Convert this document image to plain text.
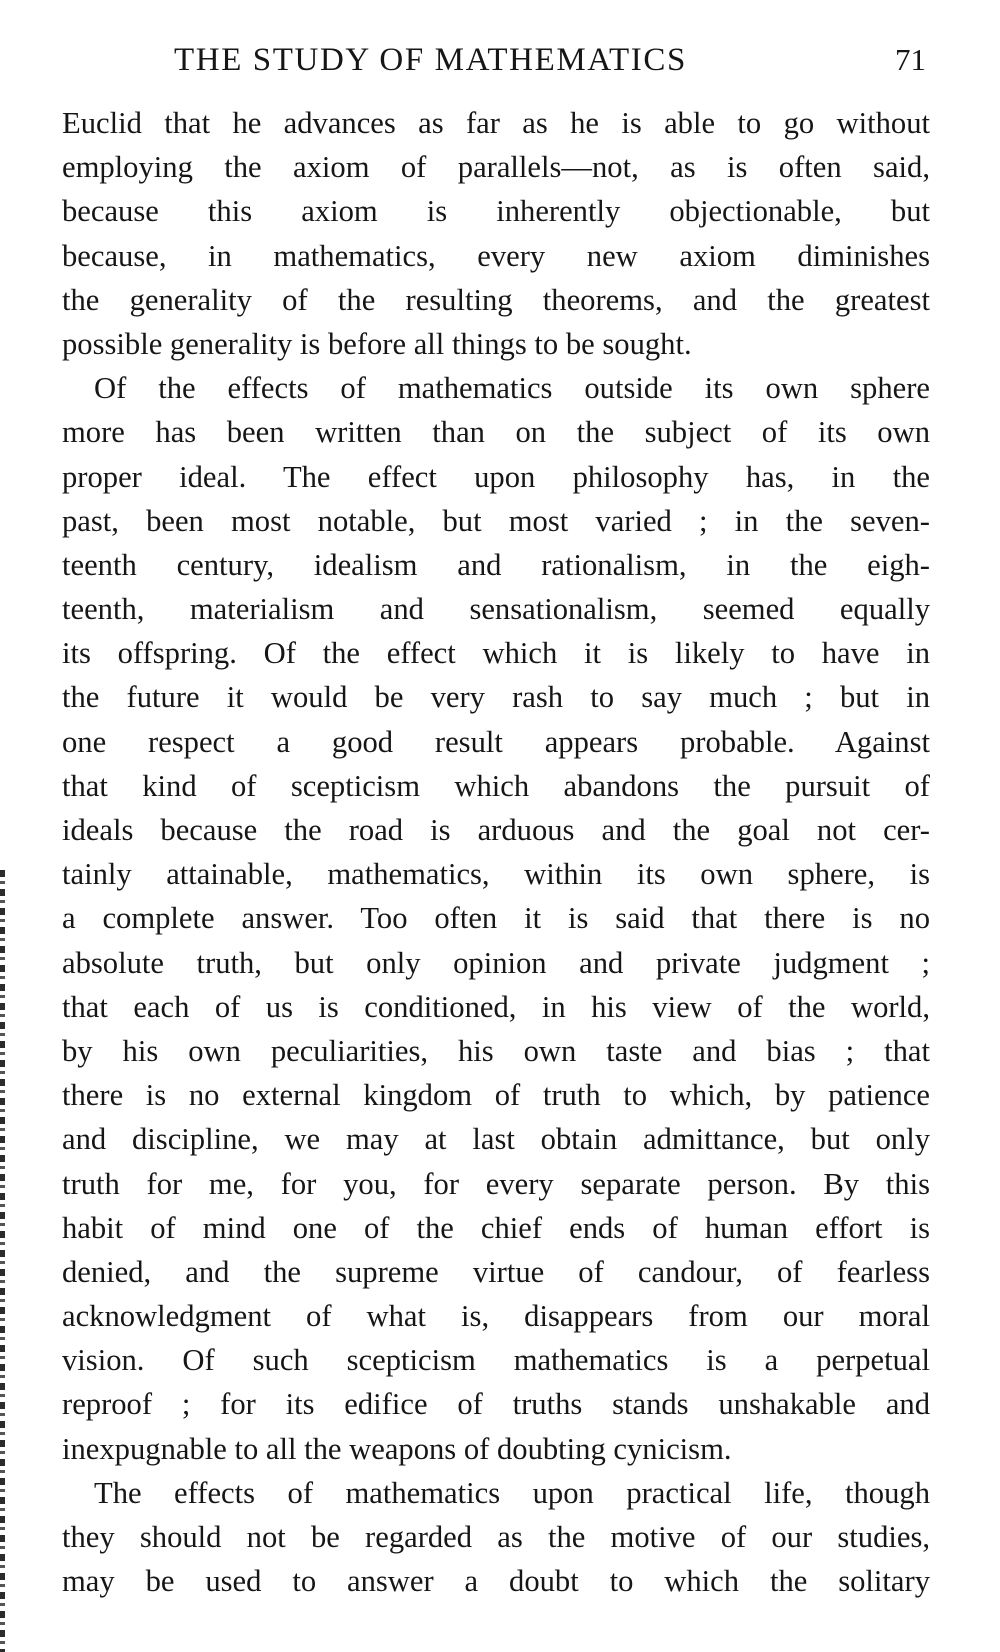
THE STUDY OF MATHEMATICS	71
Euclid that he advances as far as he is able to go without
employing the axiom of parallels—not, as is often said,
because this axiom is inherently objectionable, but
because, in mathematics, every new axiom diminishes
the generality of the resulting theorems, and the greatest
possible generality is before all things to be sought.
Of the effects of mathematics outside its own sphere
more has been written than on the subject of its own
proper ideal. The effect upon philosophy has, in the
past, been most notable, but most varied ; in the seven-
teenth century, idealism and rationalism, in the eigh-
teenth, materialism and sensationalism, seemed equally
its offspring. Of the effect which it is likely to have in
the future it would be very rash to say much ; but in
one respect a good result appears probable. Against
that kind of scepticism which abandons the pursuit of
ideals because the road is arduous and the goal not cer-
tainly attainable, mathematics, within its own sphere, is
a complete answer. Too often it is said that there is no
absolute truth, but only opinion and private judgment ;
that each of us is conditioned, in his view of the world,
by his own peculiarities, his own taste and bias ; that
there is no external kingdom of truth to which, by patience
and discipline, we may at last obtain admittance, but only
truth for me, for you, for every separate person. By this
habit of mind one of the chief ends of human effort is
denied, and the supreme virtue of candour, of fearless
acknowledgment of what is, disappears from our moral
vision. Of such scepticism mathematics is a perpetual
reproof ; for its edifice of truths stands unshakable and
inexpugnable to all the weapons of doubting cynicism.
The effects of mathematics upon practical life, though
they should not be regarded as the motive of our studies,
may be used to answer a doubt to which the solitary
